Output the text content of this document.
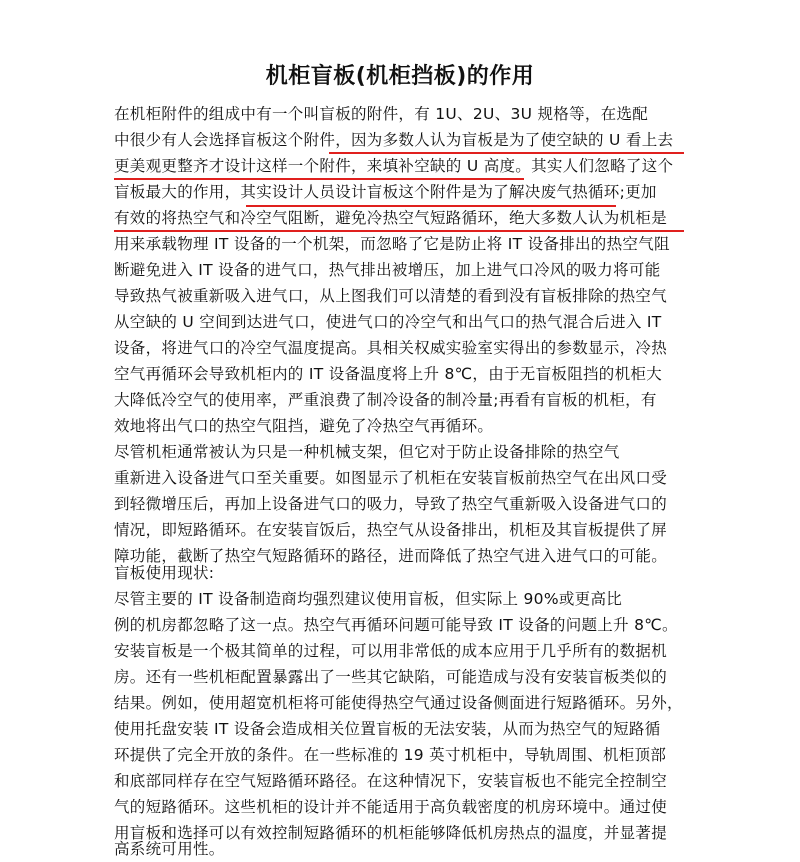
机柜盲板(机柜挡板)的作用
在机柜附件的组成中有一个叫盲板的附件，有 1U、2U、3U 规格等，在选配
中很少有人会选择盲板这个附件，因为多数人认为盲板是为了使空缺的 U 看上去
更美观更整齐才设计这样一个附件，来填补空缺的 U 高度。其实人们忽略了这个
盲板最大的作用，其实设计人员设计盲板这个附件是为了解决废气热循环;更加
有效的将热空气和冷空气阻断，避免冷热空气短路循环，绝大多数人认为机柜是
用来承载物理 IT 设备的一个机架，而忽略了它是防止将 IT 设备排出的热空气阻
断避免进入 IT 设备的进气口，热气排出被增压，加上进气口冷风的吸力将可能
导致热气被重新吸入进气口，从上图我们可以清楚的看到没有盲板排除的热空气
从空缺的 U 空间到达进气口，使进气口的冷空气和出气口的热气混合后进入 IT
设备，将进气口的冷空气温度提高。具相关权威实验室实得出的参数显示，冷热
空气再循环会导致机柜内的 IT 设备温度将上升 8℃，由于无盲板阻挡的机柜大
大降低冷空气的使用率，严重浪费了制冷设备的制冷量;再看有盲板的机柜，有
效地将出气口的热空气阻挡，避免了冷热空气再循环。
尽管机柜通常被认为只是一种机械支架，但它对于防止设备排除的热空气
重新进入设备进气口至关重要。如图显示了机柜在安装盲板前热空气在出风口受
到轻微增压后，再加上设备进气口的吸力，导致了热空气重新吸入设备进气口的
情况，即短路循环。在安装盲饭后，热空气从设备排出，机柜及其盲板提供了屏
障功能，截断了热空气短路循环的路径，进而降低了热空气进入进气口的可能。
盲板使用现状:
尽管主要的 IT 设备制造商均强烈建议使用盲板，但实际上 90%或更高比
例的机房都忽略了这一点。热空气再循环问题可能导致 IT 设备的问题上升 8℃。
安装盲板是一个极其简单的过程，可以用非常低的成本应用于几乎所有的数据机
房。还有一些机柜配置暴露出了一些其它缺陷，可能造成与没有安装盲板类似的
结果。例如，使用超宽机柜将可能使得热空气通过设备侧面进行短路循环。另外，
使用托盘安装 IT 设备会造成相关位置盲板的无法安装，从而为热空气的短路循
环提供了完全开放的条件。在一些标准的 19 英寸机柜中，导轨周围、机柜顶部
和底部同样存在空气短路循环路径。在这种情况下，安装盲板也不能完全控制空
气的短路循环。这些机柜的设计并不能适用于高负载密度的机房环境中。通过使
用盲板和选择可以有效控制短路循环的机柜能够降低机房热点的温度，并显著提
高系统可用性。
